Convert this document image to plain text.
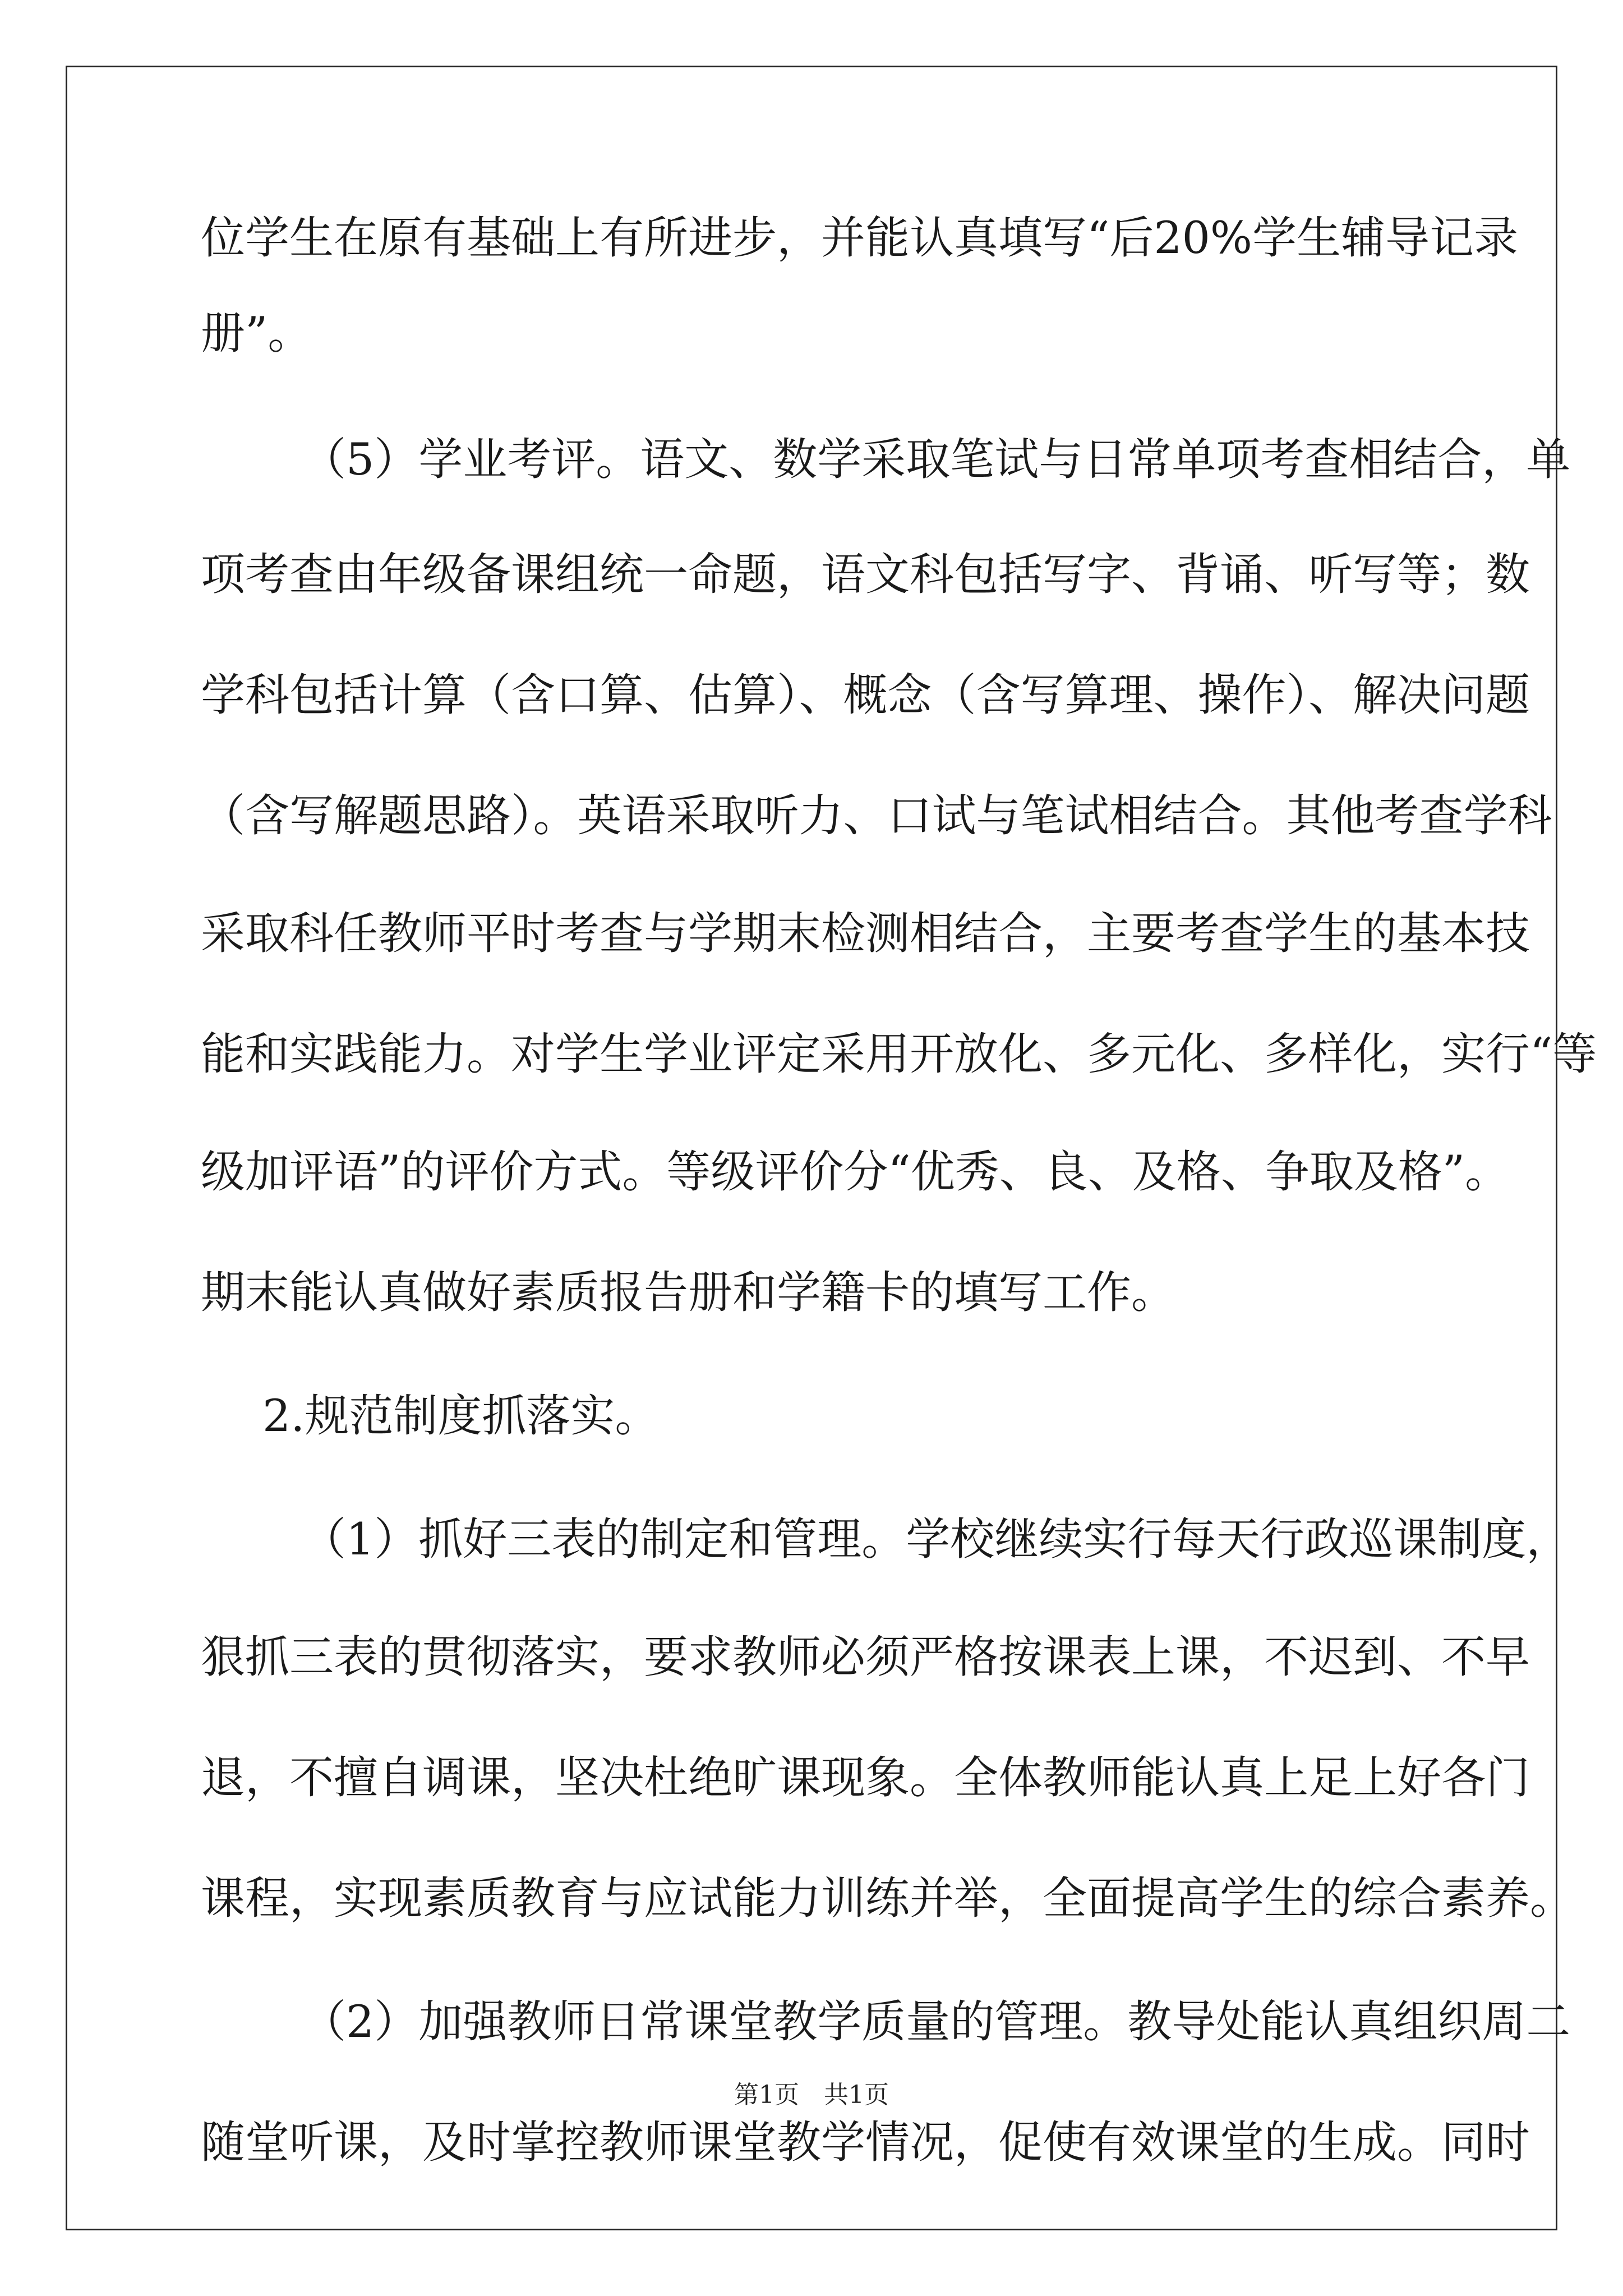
位学生在原有基础上有所进步，并能认真填写“后20%学生辅导记录
册”。
（5）学业考评。语文、数学采取笔试与日常单项考查相结合，单
项考查由年级备课组统一命题，语文科包括写字、背诵、听写等；数
学科包括计算（含口算、估算）、概念（含写算理、操作）、解决问题
（含写解题思路）。英语采取听力、口试与笔试相结合。其他考查学科
采取科任教师平时考查与学期末检测相结合，主要考查学生的基本技
能和实践能力。对学生学业评定采用开放化、多元化、多样化，实行“等
级加评语”的评价方式。等级评价分“优秀、良、及格、争取及格”。
期末能认真做好素质报告册和学籍卡的填写工作。
2.规范制度抓落实。
（1）抓好三表的制定和管理。学校继续实行每天行政巡课制度，
狠抓三表的贯彻落实，要求教师必须严格按课表上课，不迟到、不早
退，不擅自调课，坚决杜绝旷课现象。全体教师能认真上足上好各门
课程，实现素质教育与应试能力训练并举，全面提高学生的综合素养。
（2）加强教师日常课堂教学质量的管理。教导处能认真组织周二
随堂听课，及时掌控教师课堂教学情况，促使有效课堂的生成。同时
第1页　共1页
